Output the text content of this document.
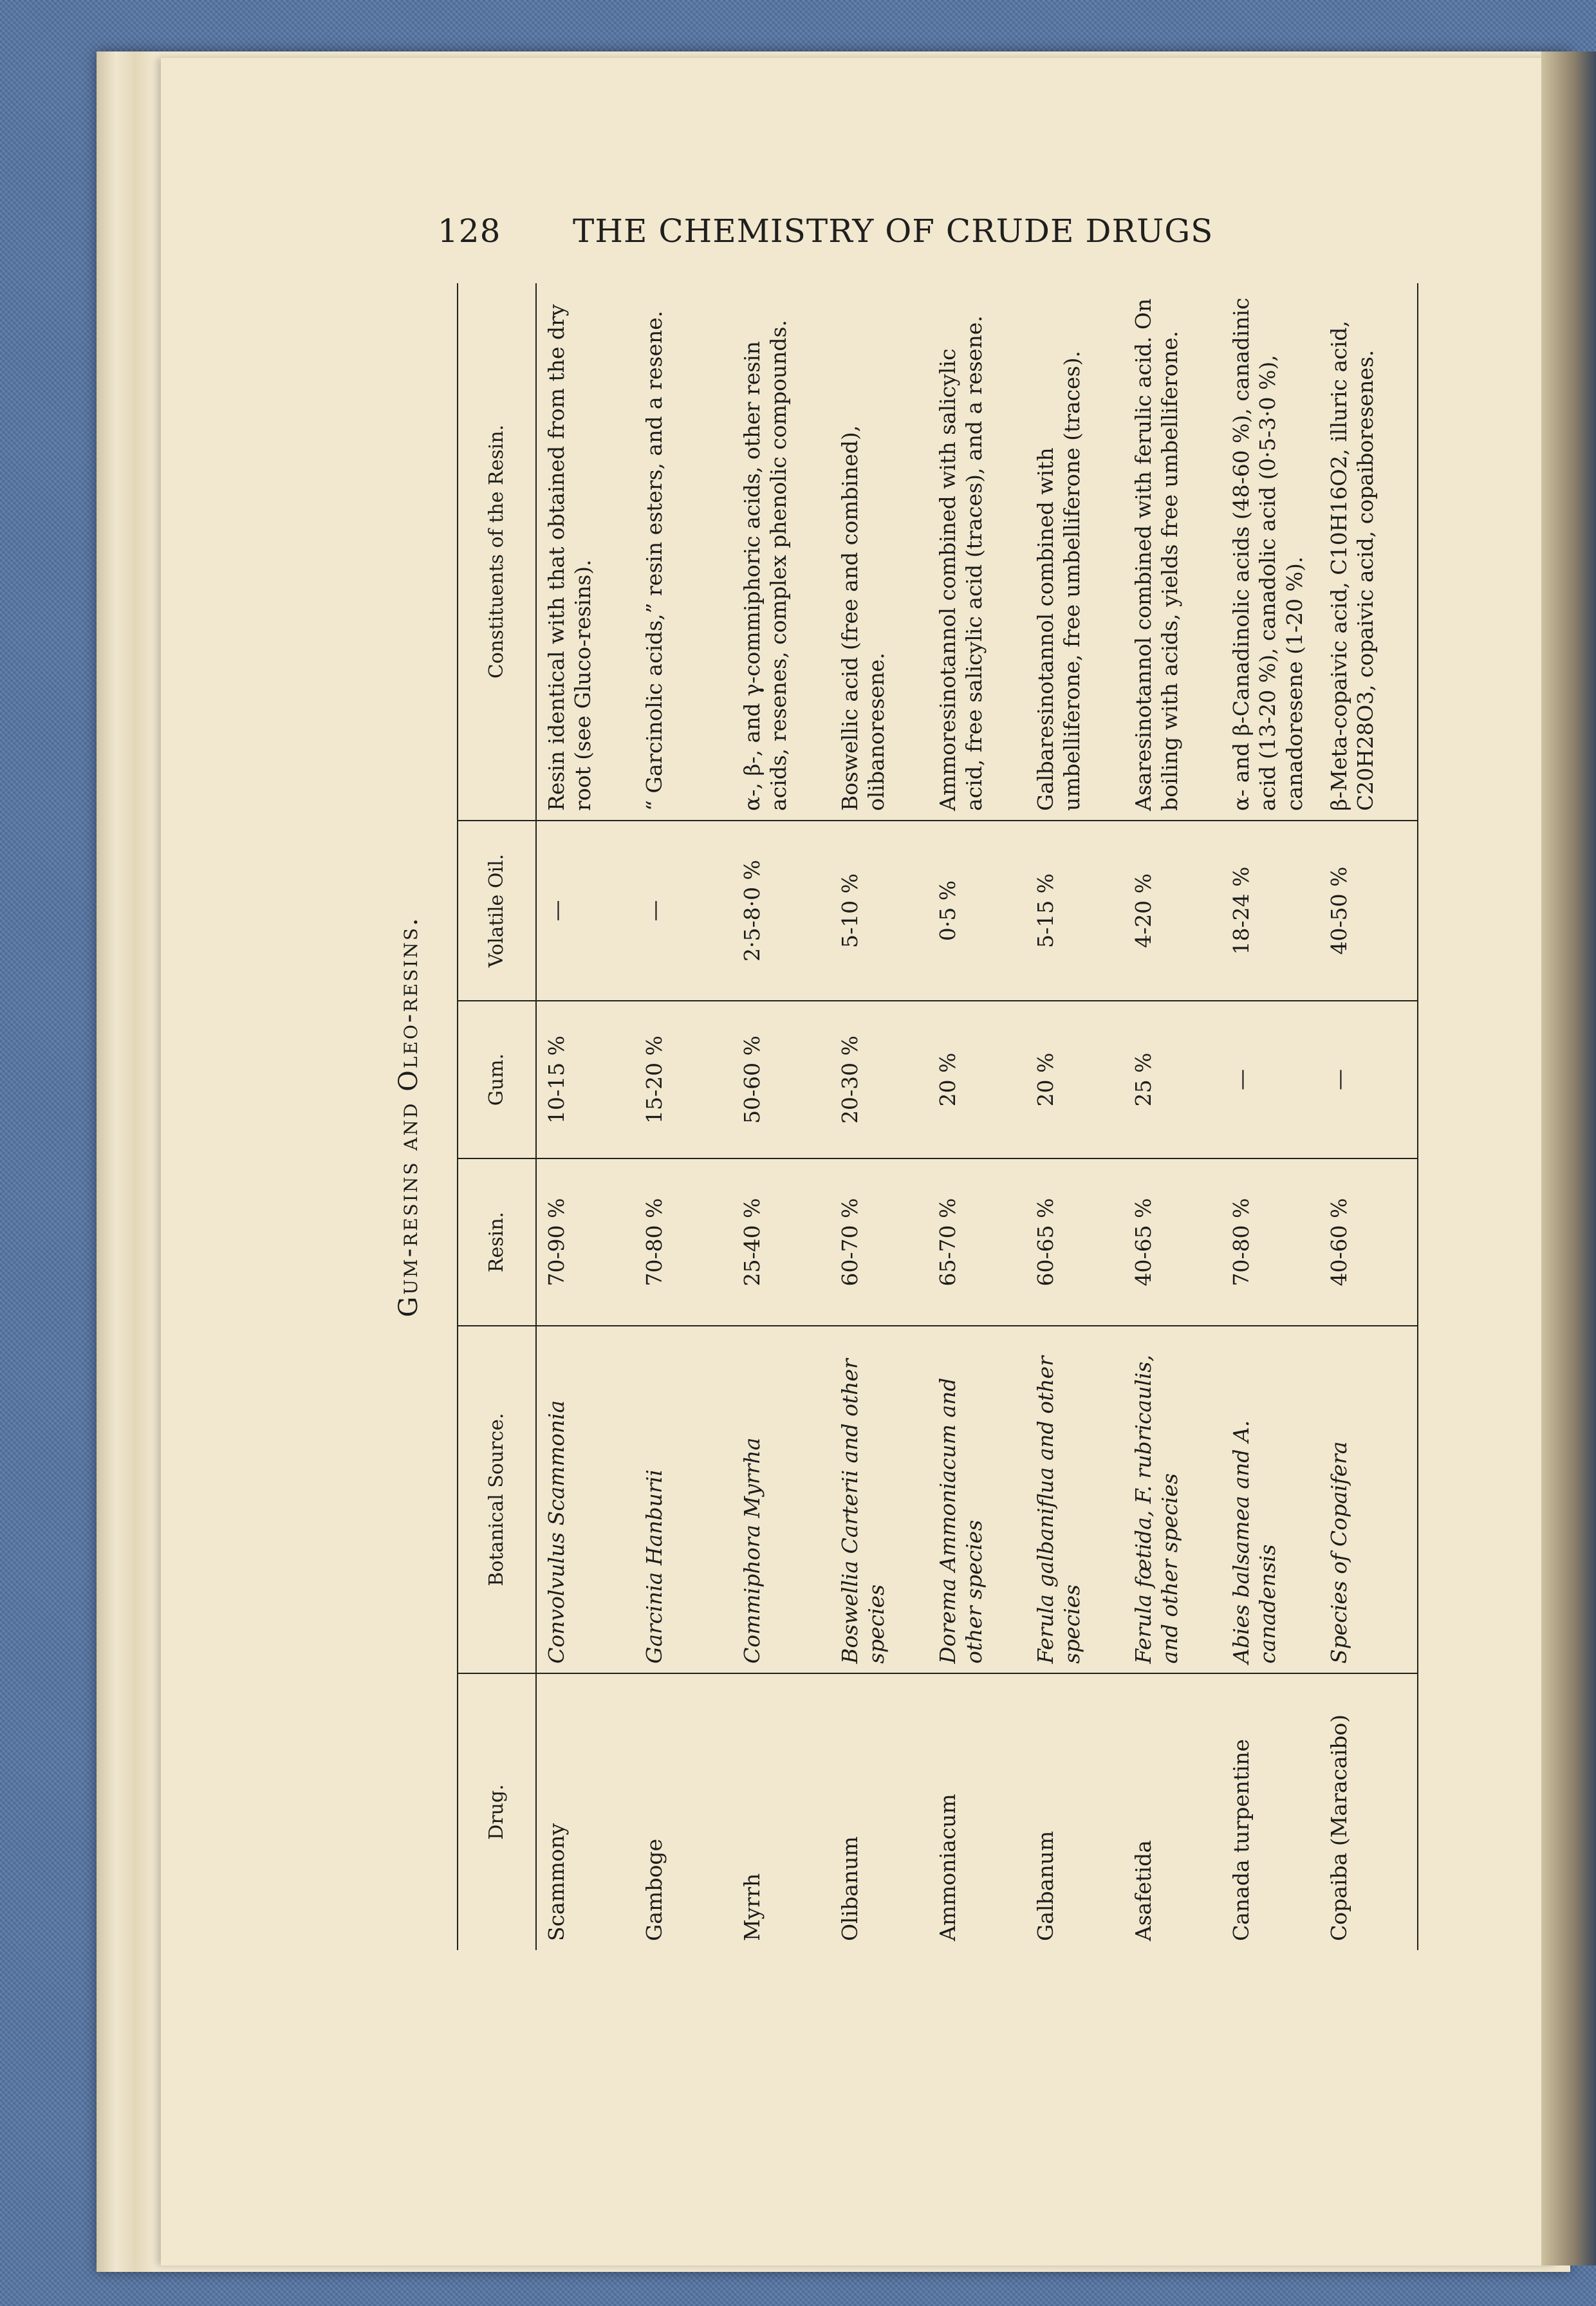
128 THE CHEMISTRY OF CRUDE DRUGS
Gum-resins and Oleo-resins.
Drug.	Botanical Source.	Resin.	Gum.	Volatile Oil.	Constituents of the Resin.
Scammony	Convolvulus Scammonia	70-90 %	10-15 %	—	Resin identical with that obtained from the dry root (see Gluco-resins).
Gamboge	Garcinia Hanburii	70-80 %	15-20 %	—	“ Garcinolic acids,” resin esters, and a resene.
Myrrh	Commiphora Myrrha	25-40 %	50-60 %	2·5-8·0 %	α-, β-, and γ-commiphoric acids, other resin acids, resenes, complex phenolic compounds.
Olibanum	Boswellia Carterii and other species	60-70 %	20-30 %	5-10 %	Boswellic acid (free and combined), olibanoresene.
Ammoniacum	Dorema Ammoniacum and other species	65-70 %	20 %	0·5 %	Ammoresinotannol combined with salicylic acid, free salicylic acid (traces), and a resene.
Galbanum	Ferula galbaniflua and other species	60-65 %	20 %	5-15 %	Galbaresinotannol combined with umbelliferone, free umbelliferone (traces).
Asafetida	Ferula fœtida, F. rubricaulis, and other species	40-65 %	25 %	4-20 %	Asaresinotannol combined with ferulic acid. On boiling with acids, yields free umbelliferone.
Canada turpentine	Abies balsamea and A. canadensis	70-80 %	—	18-24 %	α- and β-Canadinolic acids (48-60 %), canadinic acid (13-20 %), canadolic acid (0·5-3·0 %), canadoresene (1-20 %).
Copaiba (Maracaibo)	Species of Copaifera	40-60 %	—	40-50 %	β-Meta-copaivic acid, C10H16O2, illuric acid, C20H28O3, copaivic acid, copaiboresenes.
